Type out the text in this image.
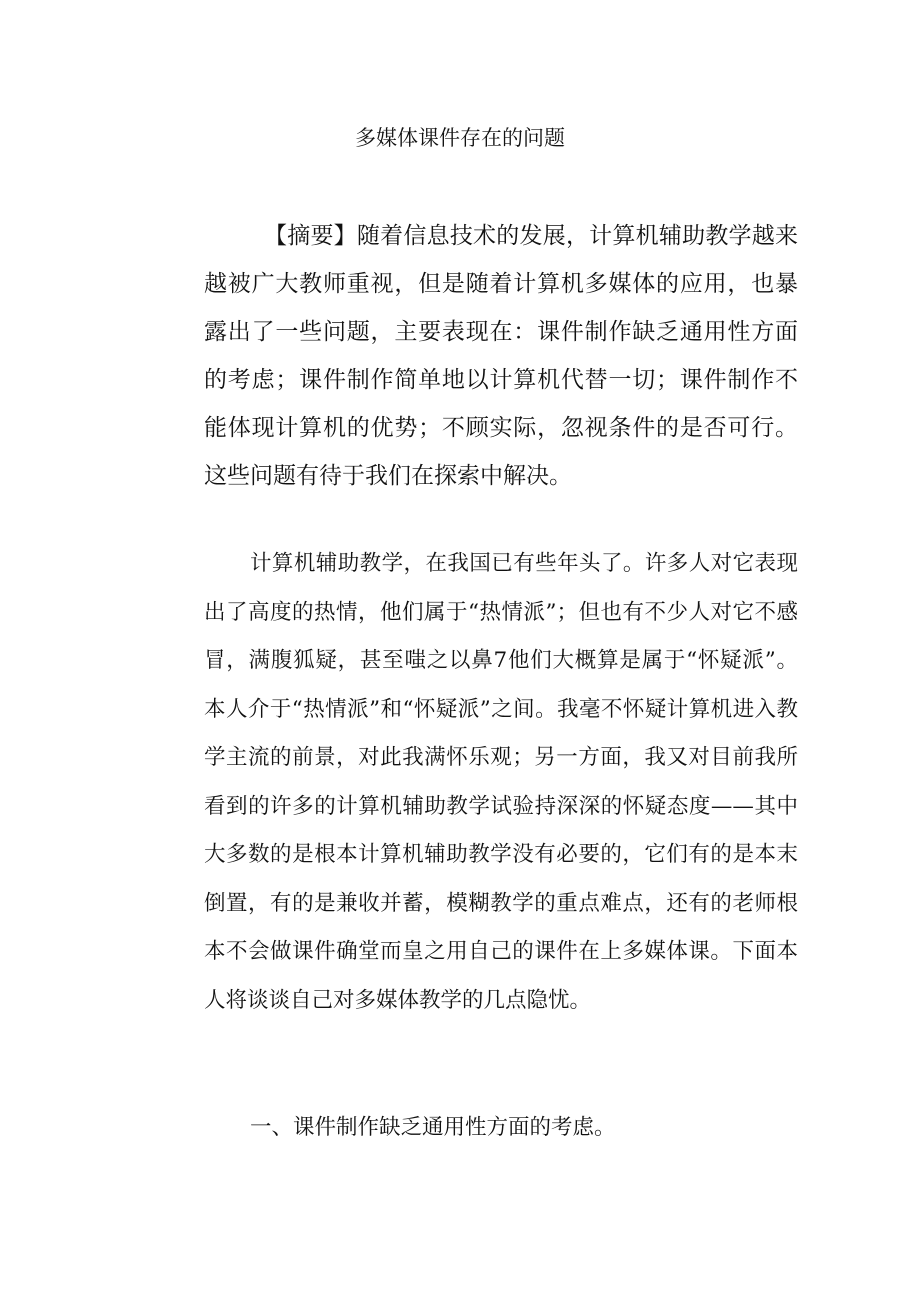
多媒体课件存在的问题

【摘要】随着信息技术的发展，计算机辅助教学越来越被广大教师重视，但是随着计算机多媒体的应用，也暴露出了一些问题，主要表现在：课件制作缺乏通用性方面的考虑；课件制作简单地以计算机代替一切；课件制作不能体现计算机的优势；不顾实际，忽视条件的是否可行。这些问题有待于我们在探索中解决。

计算机辅助教学，在我国已有些年头了。许多人对它表现出了高度的热情，他们属于“热情派”；但也有不少人对它不感冒，满腹狐疑，甚至嗤之以鼻7他们大概算是属于“怀疑派”。本人介于“热情派”和“怀疑派”之间。我毫不怀疑计算机进入教学主流的前景，对此我满怀乐观；另一方面，我又对目前我所看到的许多的计算机辅助教学试验持深深的怀疑态度——其中大多数的是根本计算机辅助教学没有必要的，它们有的是本末倒置，有的是兼收并蓄，模糊教学的重点难点，还有的老师根本不会做课件确堂而皇之用自己的课件在上多媒体课。下面本人将谈谈自己对多媒体教学的几点隐忧。

一、课件制作缺乏通用性方面的考虑。
